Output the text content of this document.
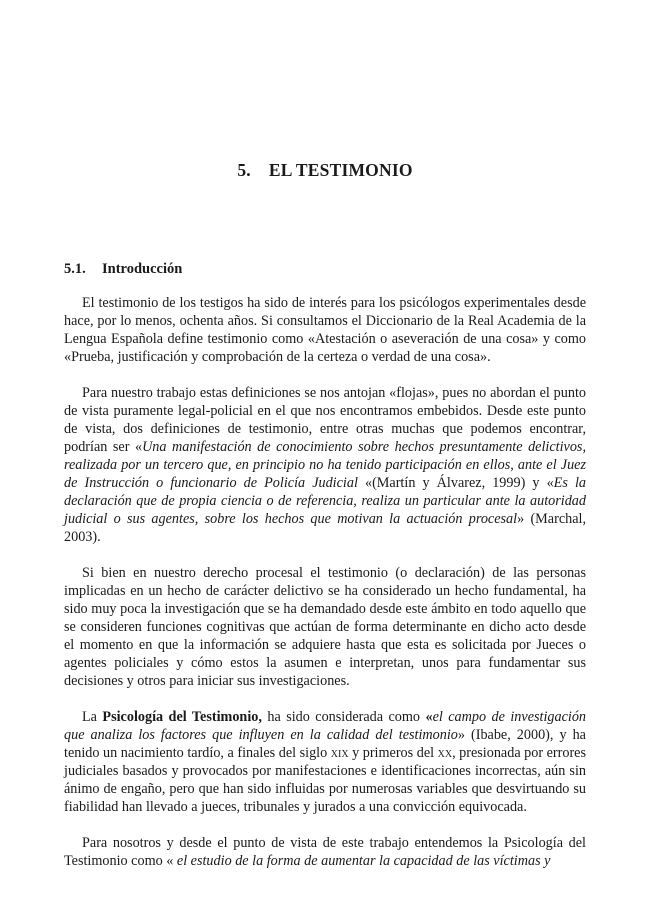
5. EL TESTIMONIO
5.1. Introducción

El testimonio de los testigos ha sido de interés para los psicólogos experimentales desde hace, por lo menos, ochenta años. Si consultamos el Diccionario de la Real Academia de la Lengua Española define testimonio como «Atestación o aseveración de una cosa» y como «Prueba, justificación y comprobación de la certeza o verdad de una cosa».

Para nuestro trabajo estas definiciones se nos antojan «flojas», pues no abordan el punto de vista puramente legal-policial en el que nos encontramos embebidos. Desde este punto de vista, dos definiciones de testimonio, entre otras muchas que podemos encontrar, podrían ser «Una manifestación de conocimiento sobre hechos presuntamente delictivos, realizada por un tercero que, en principio no ha tenido participación en ellos, ante el Juez de Instrucción o funcionario de Policía Judicial «(Martín y Álvarez, 1999) y «Es la declaración que de propia ciencia o de referencia, realiza un particular ante la autoridad judicial o sus agentes, sobre los hechos que motivan la actuación procesal» (Marchal, 2003).

Si bien en nuestro derecho procesal el testimonio (o declaración) de las personas implicadas en un hecho de carácter delictivo se ha considerado un hecho fundamental, ha sido muy poca la investigación que se ha demandado desde este ámbito en todo aquello que se consideren funciones cognitivas que actúan de forma determinante en dicho acto desde el momento en que la información se adquiere hasta que esta es solicitada por Jueces o agentes policiales y cómo estos la asumen e interpretan, unos para fundamentar sus decisiones y otros para iniciar sus investigaciones.

La Psicología del Testimonio, ha sido considerada como «el campo de investigación que analiza los factores que influyen en la calidad del testimonio» (Ibabe, 2000), y ha tenido un nacimiento tardío, a finales del siglo xix y primeros del xx, presionada por errores judiciales basados y provocados por manifestaciones e identificaciones incorrectas, aún sin ánimo de engaño, pero que han sido influidas por numerosas variables que desvirtuando su fiabilidad han llevado a jueces, tribunales y jurados a una convicción equivocada.

Para nosotros y desde el punto de vista de este trabajo entendemos la Psicología del Testimonio como « el estudio de la forma de aumentar la capacidad de las víctimas y
